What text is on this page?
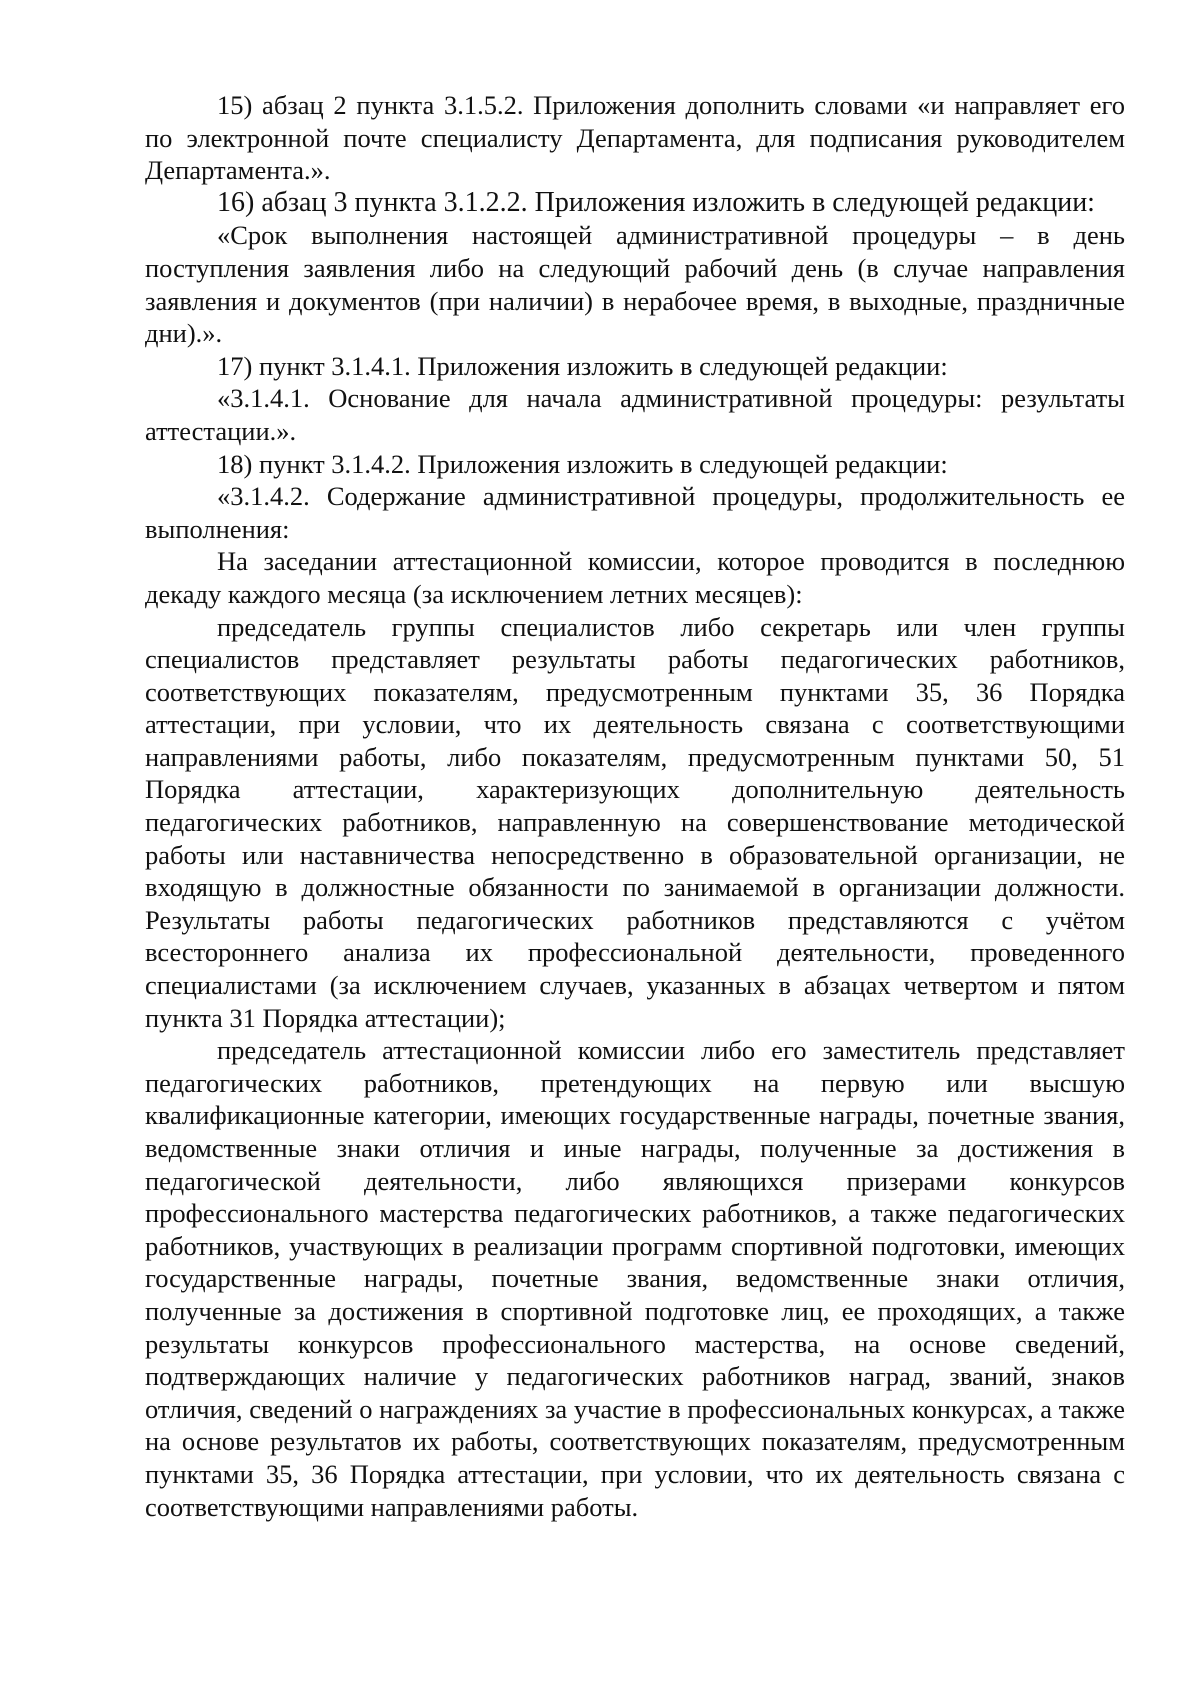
15) абзац 2 пункта 3.1.5.2. Приложения дополнить словами «и направляет его по электронной почте специалисту Департамента, для подписания руководителем Департамента.».

16) абзац 3 пункта 3.1.2.2. Приложения изложить в следующей редакции:

«Срок выполнения настоящей административной процедуры – в день поступления заявления либо на следующий рабочий день (в случае направления заявления и документов (при наличии) в нерабочее время, в выходные, праздничные дни).».

17) пункт 3.1.4.1. Приложения изложить в следующей редакции:

«3.1.4.1. Основание для начала административной процедуры: результаты аттестации.».

18) пункт 3.1.4.2. Приложения изложить в следующей редакции:

«3.1.4.2. Содержание административной процедуры, продолжительность ее выполнения:

На заседании аттестационной комиссии, которое проводится в последнюю декаду каждого месяца (за исключением летних месяцев):

председатель группы специалистов либо секретарь или член группы специалистов представляет результаты работы педагогических работников, соответствующих показателям, предусмотренным пунктами 35, 36 Порядка аттестации, при условии, что их деятельность связана с соответствующими направлениями работы, либо показателям, предусмотренным пунктами 50, 51 Порядка аттестации, характеризующих дополнительную деятельность педагогических работников, направленную на совершенствование методической работы или наставничества непосредственно в образовательной организации, не входящую в должностные обязанности по занимаемой в организации должности. Результаты работы педагогических работников представляются с учётом всестороннего анализа их профессиональной деятельности, проведенного специалистами (за исключением случаев, указанных в абзацах четвертом и пятом пункта 31 Порядка аттестации);

председатель аттестационной комиссии либо его заместитель представляет педагогических работников, претендующих на первую или высшую квалификационные категории, имеющих государственные награды, почетные звания, ведомственные знаки отличия и иные награды, полученные за достижения в педагогической деятельности, либо являющихся призерами конкурсов профессионального мастерства педагогических работников, а также педагогических работников, участвующих в реализации программ спортивной подготовки, имеющих государственные награды, почетные звания, ведомственные знаки отличия, полученные за достижения в спортивной подготовке лиц, ее проходящих, а также результаты конкурсов профессионального мастерства, на основе сведений, подтверждающих наличие у педагогических работников наград, званий, знаков отличия, сведений о награждениях за участие в профессиональных конкурсах, а также на основе результатов их работы, соответствующих показателям, предусмотренным пунктами 35, 36 Порядка аттестации, при условии, что их деятельность связана с соответствующими направлениями работы.
